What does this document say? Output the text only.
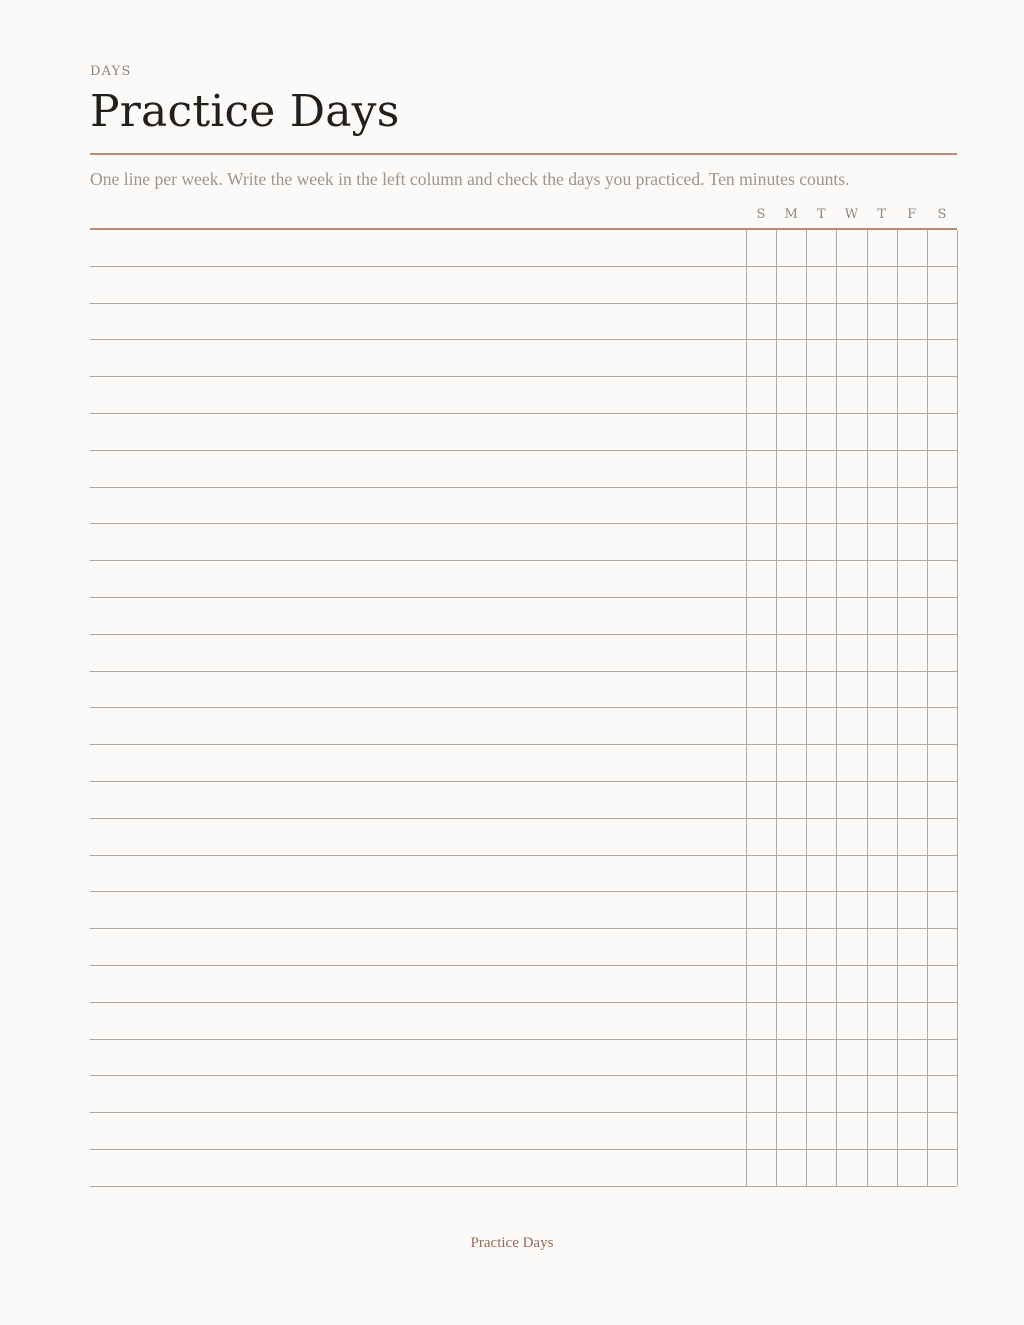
DAYS
Practice Days
One line per week. Write the week in the left column and check the days you practiced. Ten minutes counts.
S	M	T	W	T	F	S
Practice Days
